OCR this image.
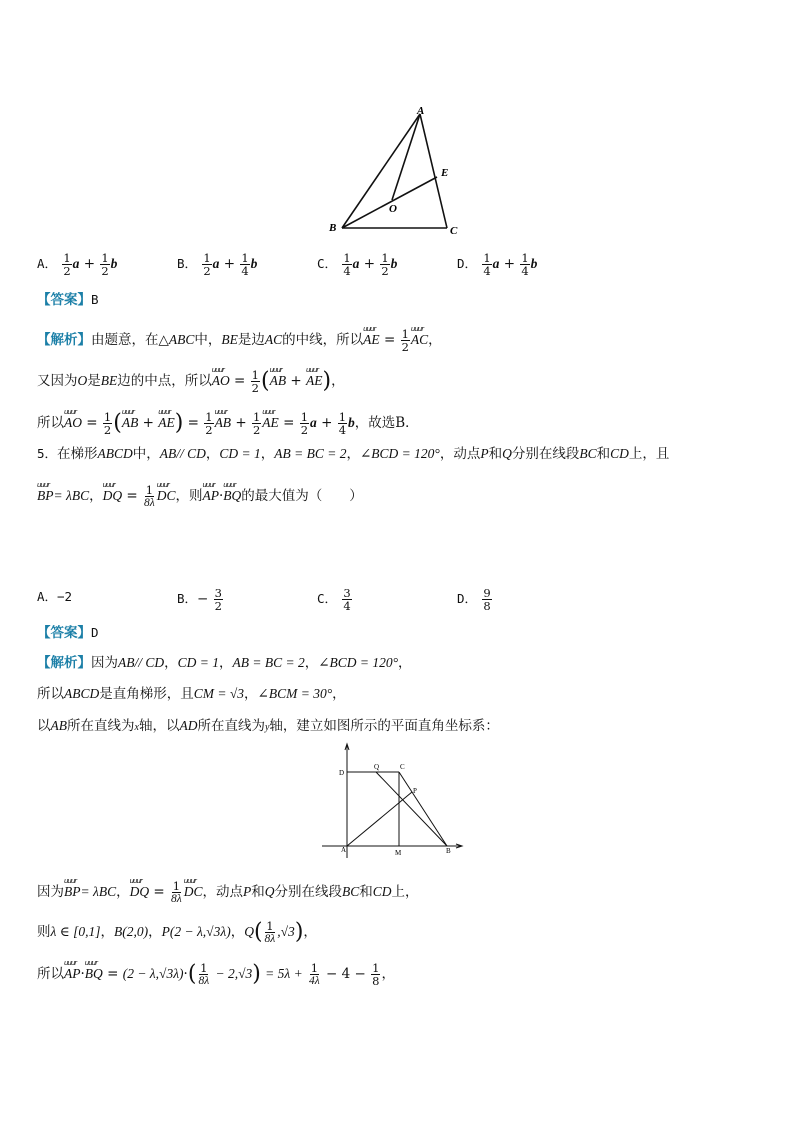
A
E
O
B	C
A． $\frac{1}{2}$ $a + \frac{1}{2}$ b	B． $\frac{1}{2}$ $a + \frac{1}{4}$ b	C． $\frac{1}{4}$ $a + \frac{1}{2}$ b	D． $\frac{1}{4}$ $a + \frac{1}{4}$ b
【答案】B
【解析】由题意，在△ABC中，BE是边AC的中线，所以uuur AE = $\frac{1}{2}$ uuur AC，
又因为O是BE边的中点，所以uuur AO = $\frac{1}{2}$ (uuur AB + uuur AE)，
所以uuur AO = $\frac{1}{2}$ (uuur AB + uuur $AE) = \frac{1}{2}$ uuur AB + $\frac{1}{2}$ uuur AE = $\frac{1}{2}$ $a + \frac{1}{4}$ b，故选B．
5．在梯形ABCD中，AB// CD，CD = 1，AB = BC = 2，∠BCD = 120°，动点P和Q分别在线段BC和CD上，且
uuur BP= λBC，uuur DQ = $\frac{1}{8\lambda}$ uuur DC，则uuur AP·uuur BQ的最大值为（　　）
A．−2	B．− $\frac{3}{2}$	C． $\frac{3}{4}$	D． $\frac{9}{8}$
【答案】D
【解析】因为AB// CD，CD = 1，AB = BC = 2，∠BCD = 120°，
所以ABCD是直角梯形，且CM = √3，∠BCM = 30°，
以AB所在直线为x轴，以AD所在直线为y轴，建立如图所示的平面直角坐标系：
D
Q	C
P
A	M	B
因为uuur BP= λBC，uuur DQ = $\frac{1}{8\lambda}$ uuur DC，动点P和Q分别在线段BC和CD上，
则λ ∈ [0,1]，B(2,0)，P(2 − λ,√3λ)，$Q( \frac{1}{8\lambda} ,√3)$，
所以uuur AP·uuur BQ = $(2 - \lambda,√3\lambda)\cdot( \frac{1}{8\lambda} - 2,√3) = 5\lambda + \frac{1}{4\lambda} - 4 - \frac{1}{8}$ ，
